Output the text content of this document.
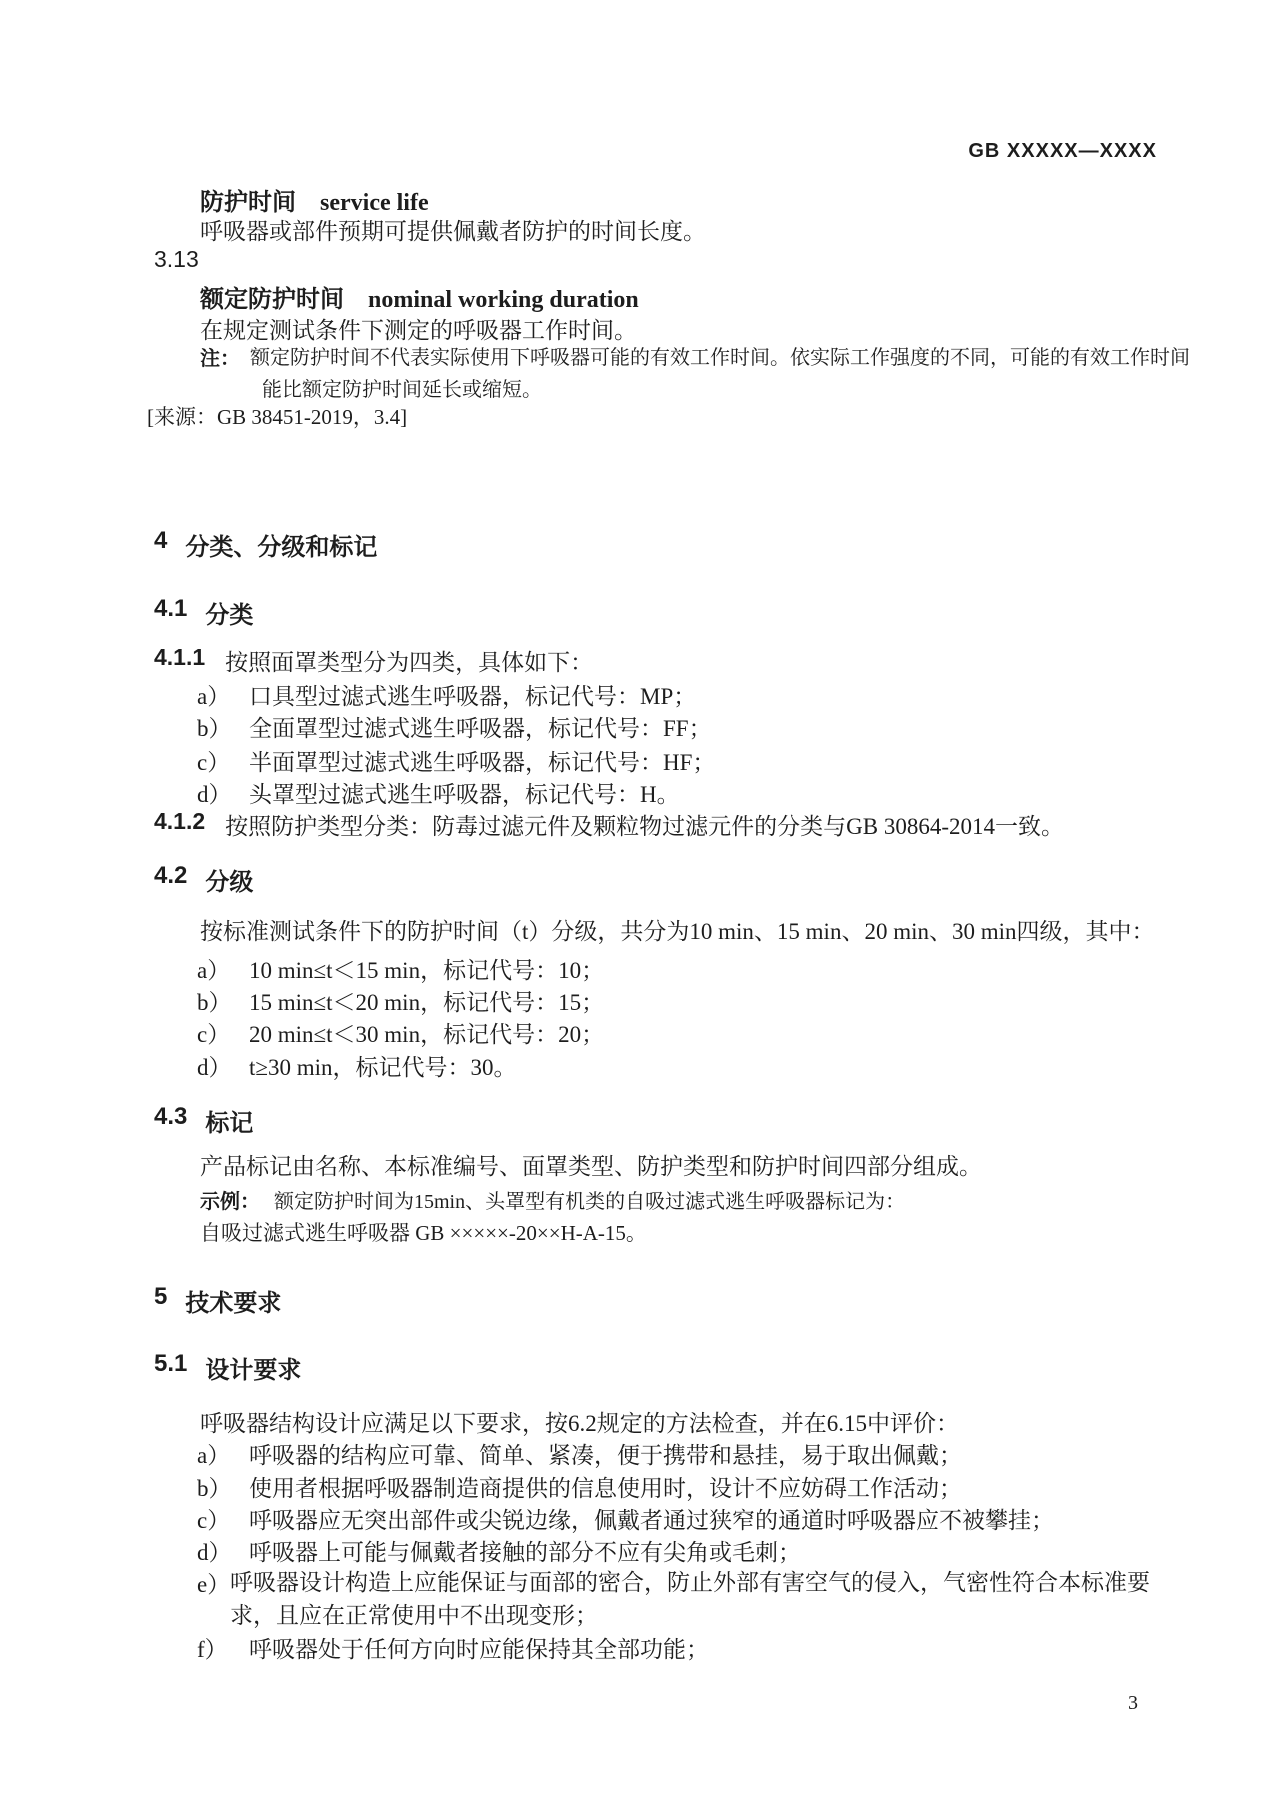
GB XXXXX—XXXX
防护时间 service life
呼吸器或部件预期可提供佩戴者防护的时间长度。
3.13
额定防护时间 nominal working duration
在规定测试条件下测定的呼吸器工作时间。
注： 额定防护时间不代表实际使用下呼吸器可能的有效工作时间。依实际工作强度的不同，可能的有效工作时间
能比额定防护时间延长或缩短。
[来源：GB 38451-2019，3.4]
4 分类、分级和标记
4.1 分类
4.1.1 按照面罩类型分为四类，具体如下：
a） 口具型过滤式逃生呼吸器，标记代号：MP；
b） 全面罩型过滤式逃生呼吸器，标记代号：FF；
c） 半面罩型过滤式逃生呼吸器，标记代号：HF；
d） 头罩型过滤式逃生呼吸器，标记代号：H。
4.1.2 按照防护类型分类：防毒过滤元件及颗粒物过滤元件的分类与GB 30864-2014一致。
4.2 分级
按标准测试条件下的防护时间（t）分级，共分为10 min、15 min、20 min、30 min四级，其中：
a） 10 min≤t＜15 min，标记代号：10；
b） 15 min≤t＜20 min，标记代号：15；
c） 20 min≤t＜30 min，标记代号：20；
d） t≥30 min，标记代号：30。
4.3 标记
产品标记由名称、本标准编号、面罩类型、防护类型和防护时间四部分组成。
示例： 额定防护时间为15min、头罩型有机类的自吸过滤式逃生呼吸器标记为：
自吸过滤式逃生呼吸器 GB ×××××-20××H-A-15。
5 技术要求
5.1 设计要求
呼吸器结构设计应满足以下要求，按6.2规定的方法检查，并在6.15中评价：
a） 呼吸器的结构应可靠、简单、紧凑，便于携带和悬挂，易于取出佩戴；
b） 使用者根据呼吸器制造商提供的信息使用时，设计不应妨碍工作活动；
c） 呼吸器应无突出部件或尖锐边缘，佩戴者通过狭窄的通道时呼吸器应不被攀挂；
d） 呼吸器上可能与佩戴者接触的部分不应有尖角或毛刺；
e） 呼吸器设计构造上应能保证与面部的密合，防止外部有害空气的侵入，气密性符合本标准要求，且应在正常使用中不出现变形；
f） 呼吸器处于任何方向时应能保持其全部功能；
3
